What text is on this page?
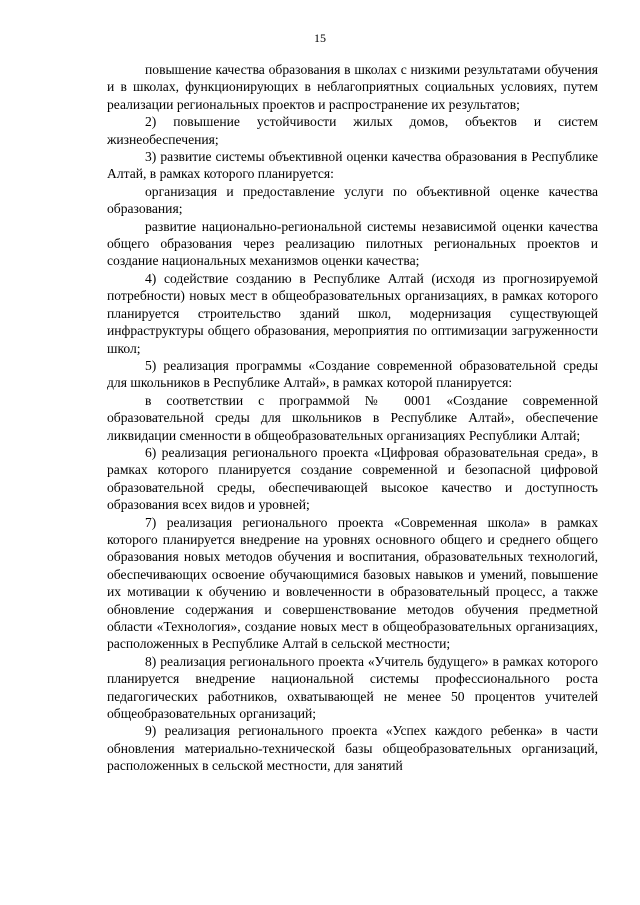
15

повышение качества образования в школах с низкими результатами обучения и в школах, функционирующих в неблагоприятных социальных условиях, путем реализации региональных проектов и распространение их результатов;

2) повышение устойчивости жилых домов, объектов и систем жизнеобеспечения;

3) развитие системы объективной оценки качества образования в Республике Алтай, в рамках которого планируется:

организация и предоставление услуги по объективной оценке качества образования;

развитие национально-региональной системы независимой оценки качества общего образования через реализацию пилотных региональных проектов и создание национальных механизмов оценки качества;

4) содействие созданию в Республике Алтай (исходя из прогнозируемой потребности) новых мест в общеобразовательных организациях, в рамках которого планируется строительство зданий школ, модернизация существующей инфраструктуры общего образования, мероприятия по оптимизации загруженности школ;

5) реализация программы «Создание современной образовательной среды для школьников в Республике Алтай», в рамках которой планируется:

в соответствии с программой № 0001 «Создание современной образовательной среды для школьников в Республике Алтай», обеспечение ликвидации сменности в общеобразовательных организациях Республики Алтай;

6) реализация регионального проекта «Цифровая образовательная среда», в рамках которого планируется создание современной и безопасной цифровой образовательной среды, обеспечивающей высокое качество и доступность образования всех видов и уровней;

7) реализация регионального проекта «Современная школа» в рамках которого планируется внедрение на уровнях основного общего и среднего общего образования новых методов обучения и воспитания, образовательных технологий, обеспечивающих освоение обучающимися базовых навыков и умений, повышение их мотивации к обучению и вовлеченности в образовательный процесс, а также обновление содержания и совершенствование методов обучения предметной области «Технология», создание новых мест в общеобразовательных организациях, расположенных в Республике Алтай в сельской местности;

8) реализация регионального проекта «Учитель будущего» в рамках которого планируется внедрение национальной системы профессионального роста педагогических работников, охватывающей не менее 50 процентов учителей общеобразовательных организаций;

9) реализация регионального проекта «Успех каждого ребенка» в части обновления материально-технической базы общеобразовательных организаций, расположенных в сельской местности, для занятий
